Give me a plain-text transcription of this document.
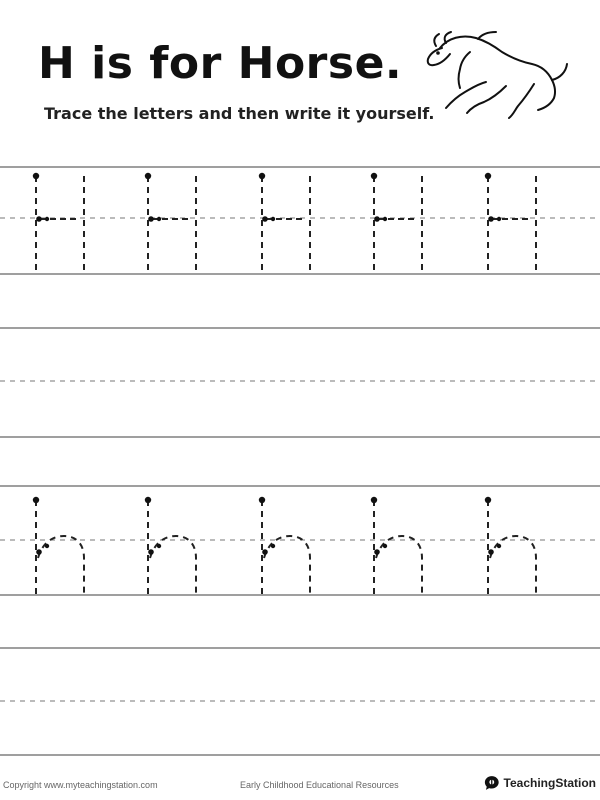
H is for Horse.
Trace the letters and then write it yourself.
Copyright www.myteachingstation.com	Early Childhood Educational Resources	TeachingStation
